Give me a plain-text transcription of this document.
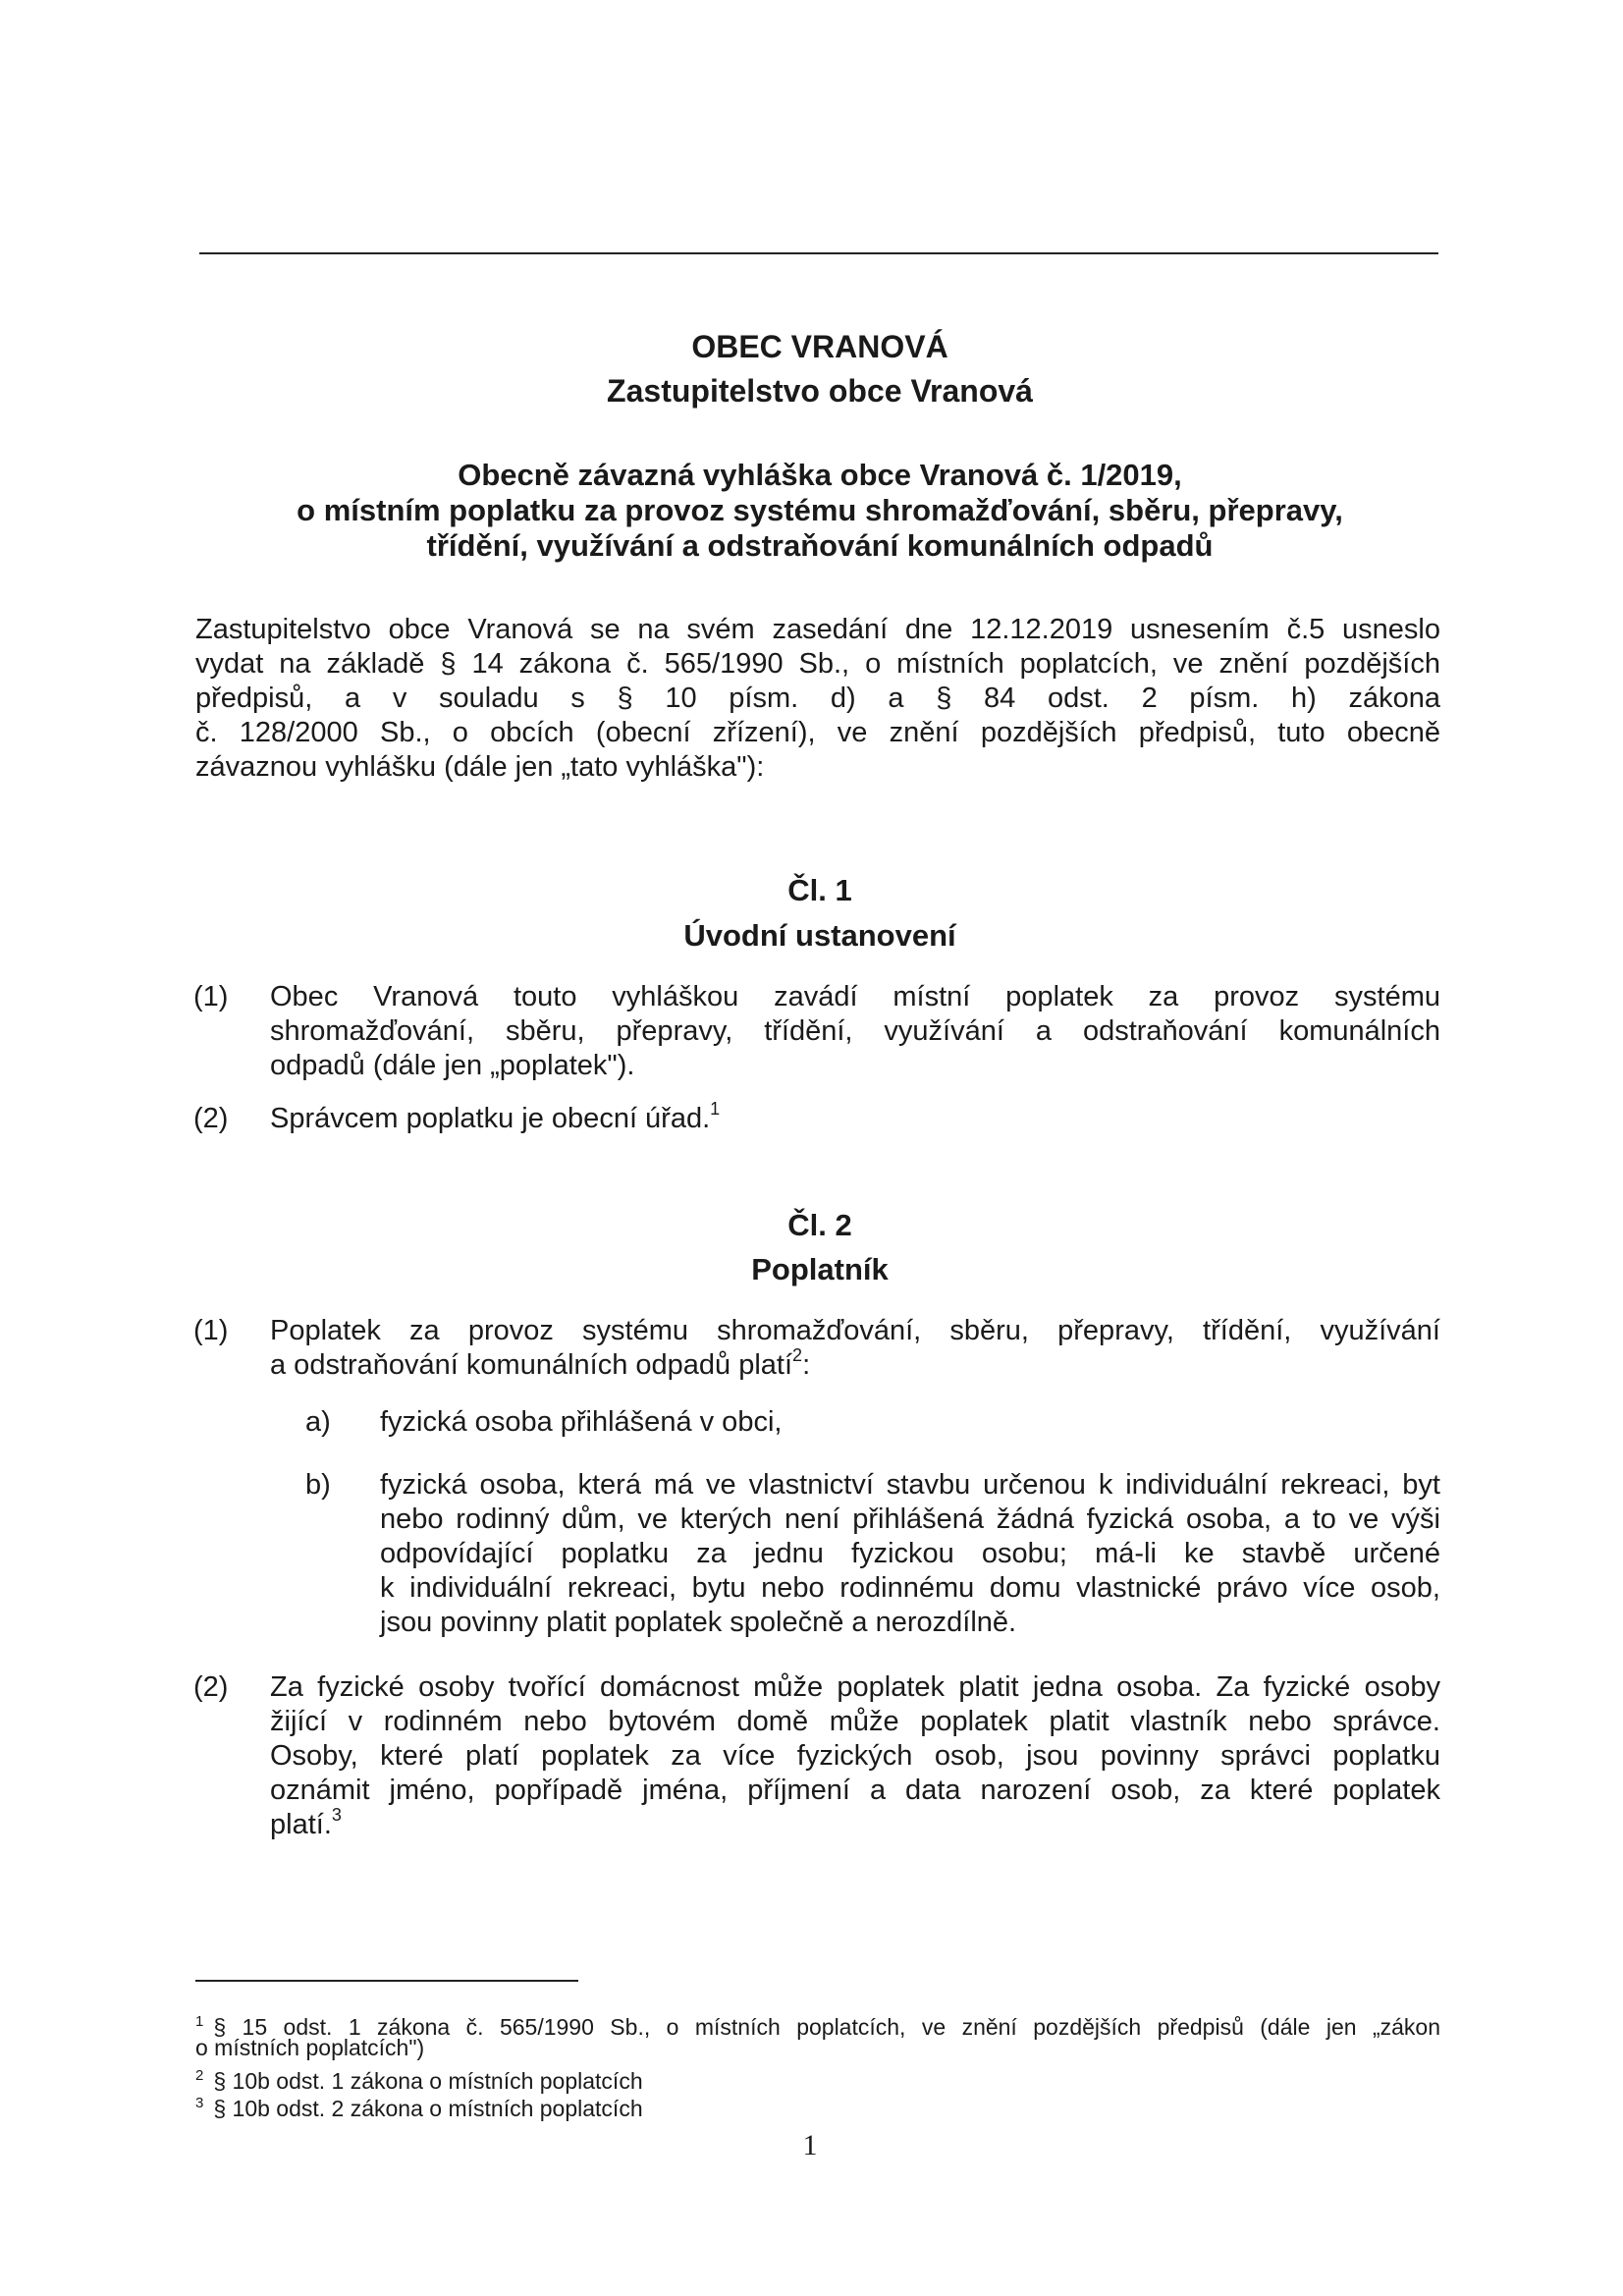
OBEC VRANOVÁ
Zastupitelstvo obce Vranová
Obecně závazná vyhláška obce Vranová č. 1/2019,
o místním poplatku za provoz systému shromažďování, sběru, přepravy,
třídění, využívání a odstraňování komunálních odpadů
Zastupitelstvo obce Vranová se na svém zasedání dne 12.12.2019 usnesením č.5 usneslo
vydat na základě § 14 zákona č. 565/1990 Sb., o místních poplatcích, ve znění pozdějších
předpisů, a v souladu s § 10 písm. d) a § 84 odst. 2 písm. h) zákona
č. 128/2000 Sb., o obcích (obecní zřízení), ve znění pozdějších předpisů, tuto obecně
závaznou vyhlášku (dále jen „tato vyhláška"):
Čl. 1
Úvodní ustanovení
(1) Obec Vranová touto vyhláškou zavádí místní poplatek za provoz systému
shromažďování, sběru, přepravy, třídění, využívání a odstraňování komunálních
odpadů (dále jen „poplatek").
(2) Správcem poplatku je obecní úřad.$^1$
Čl. 2
Poplatník
(1) Poplatek za provoz systému shromažďování, sběru, přepravy, třídění, využívání
a odstraňování komunálních odpadů platí$^2$:
a) fyzická osoba přihlášená v obci,
b) fyzická osoba, která má ve vlastnictví stavbu určenou k individuální rekreaci, byt
nebo rodinný dům, ve kterých není přihlášená žádná fyzická osoba, a to ve výši
odpovídající poplatku za jednu fyzickou osobu; má-li ke stavbě určené
k individuální rekreaci, bytu nebo rodinnému domu vlastnické právo více osob,
jsou povinny platit poplatek společně a nerozdílně.
(2) Za fyzické osoby tvořící domácnost může poplatek platit jedna osoba. Za fyzické osoby
žijící v rodinném nebo bytovém domě může poplatek platit vlastník nebo správce.
Osoby, které platí poplatek za více fyzických osob, jsou povinny správci poplatku
oznámit jméno, popřípadě jména, příjmení a data narození osob, za které poplatek
platí.$^3$
$^1$ § 15 odst. 1 zákona č. 565/1990 Sb., o místních poplatcích, ve znění pozdějších předpisů (dále jen „zákon
o místních poplatcích")
$^2$ § 10b odst. 1 zákona o místních poplatcích
$^3$ § 10b odst. 2 zákona o místních poplatcích
1
